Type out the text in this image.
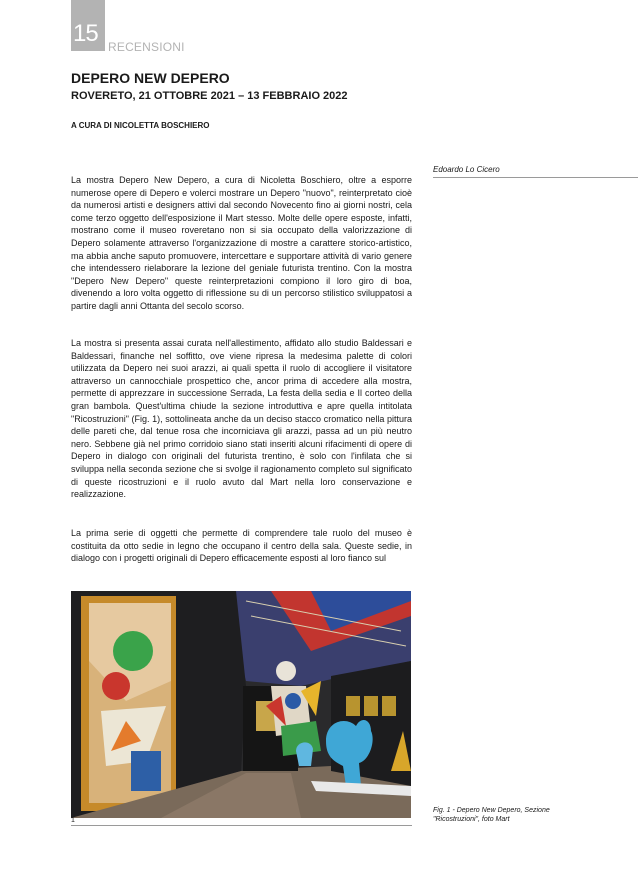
15 RECENSIONI
DEPERO NEW DEPERO
ROVERETO, 21 OTTOBRE 2021 – 13 FEBBRAIO 2022
A CURA DI NICOLETTA BOSCHIERO
Edoardo Lo Cicero

La mostra Depero New Depero, a cura di Nicoletta Boschiero, oltre a esporre numerose opere di Depero e volerci mostrare un Depero "nuovo", reinterpretato cioè da numerosi artisti e designers attivi dal secondo Novecento fino ai giorni nostri, cela come terzo oggetto dell'esposizione il Mart stesso. Molte delle opere esposte, infatti, mostrano come il museo roveretano non si sia occupato della valorizzazione di Depero solamente attraverso l'organizzazione di mostre a carattere storico-artistico, ma abbia anche saputo promuovere, intercettare e supportare attività di vario genere che intendessero rielaborare la lezione del geniale futurista trentino. Con la mostra "Depero New Depero" queste reinterpretazioni compiono il loro giro di boa, divenendo a loro volta oggetto di riflessione su di un percorso stilistico sviluppatosi a partire dagli anni Ottanta del secolo scorso.

La mostra si presenta assai curata nell'allestimento, affidato allo studio Baldessari e Baldessari, finanche nel soffitto, ove viene ripresa la medesima palette di colori utilizzata da Depero nei suoi arazzi, ai quali spetta il ruolo di accogliere il visitatore attraverso un cannocchiale prospettico che, ancor prima di accedere alla mostra, permette di apprezzare in successione Serrada, La festa della sedia e Il corteo della gran bambola. Quest'ultima chiude la sezione introduttiva e apre quella intitolata "Ricostruzioni" (Fig. 1), sottolineata anche da un deciso stacco cromatico nella pittura delle pareti che, dal tenue rosa che incorniciava gli arazzi, passa ad un più neutro nero. Sebbene già nel primo corridoio siano stati inseriti alcuni rifacimenti di opere di Depero in dialogo con originali del futurista trentino, è solo con l'infilata che si sviluppa nella seconda sezione che si svolge il ragionamento completo sul significato di queste ricostruzioni e il ruolo avuto dal Mart nella loro conservazione e realizzazione.

La prima serie di oggetti che permette di comprendere tale ruolo del museo è costituita da otto sedie in legno che occupano il centro della sala. Queste sedie, in dialogo con i progetti originali di Depero efficacemente esposti al loro fianco sul

1
Fig. 1 - Depero New Depero, Sezione "Ricostruzioni", foto Mart
